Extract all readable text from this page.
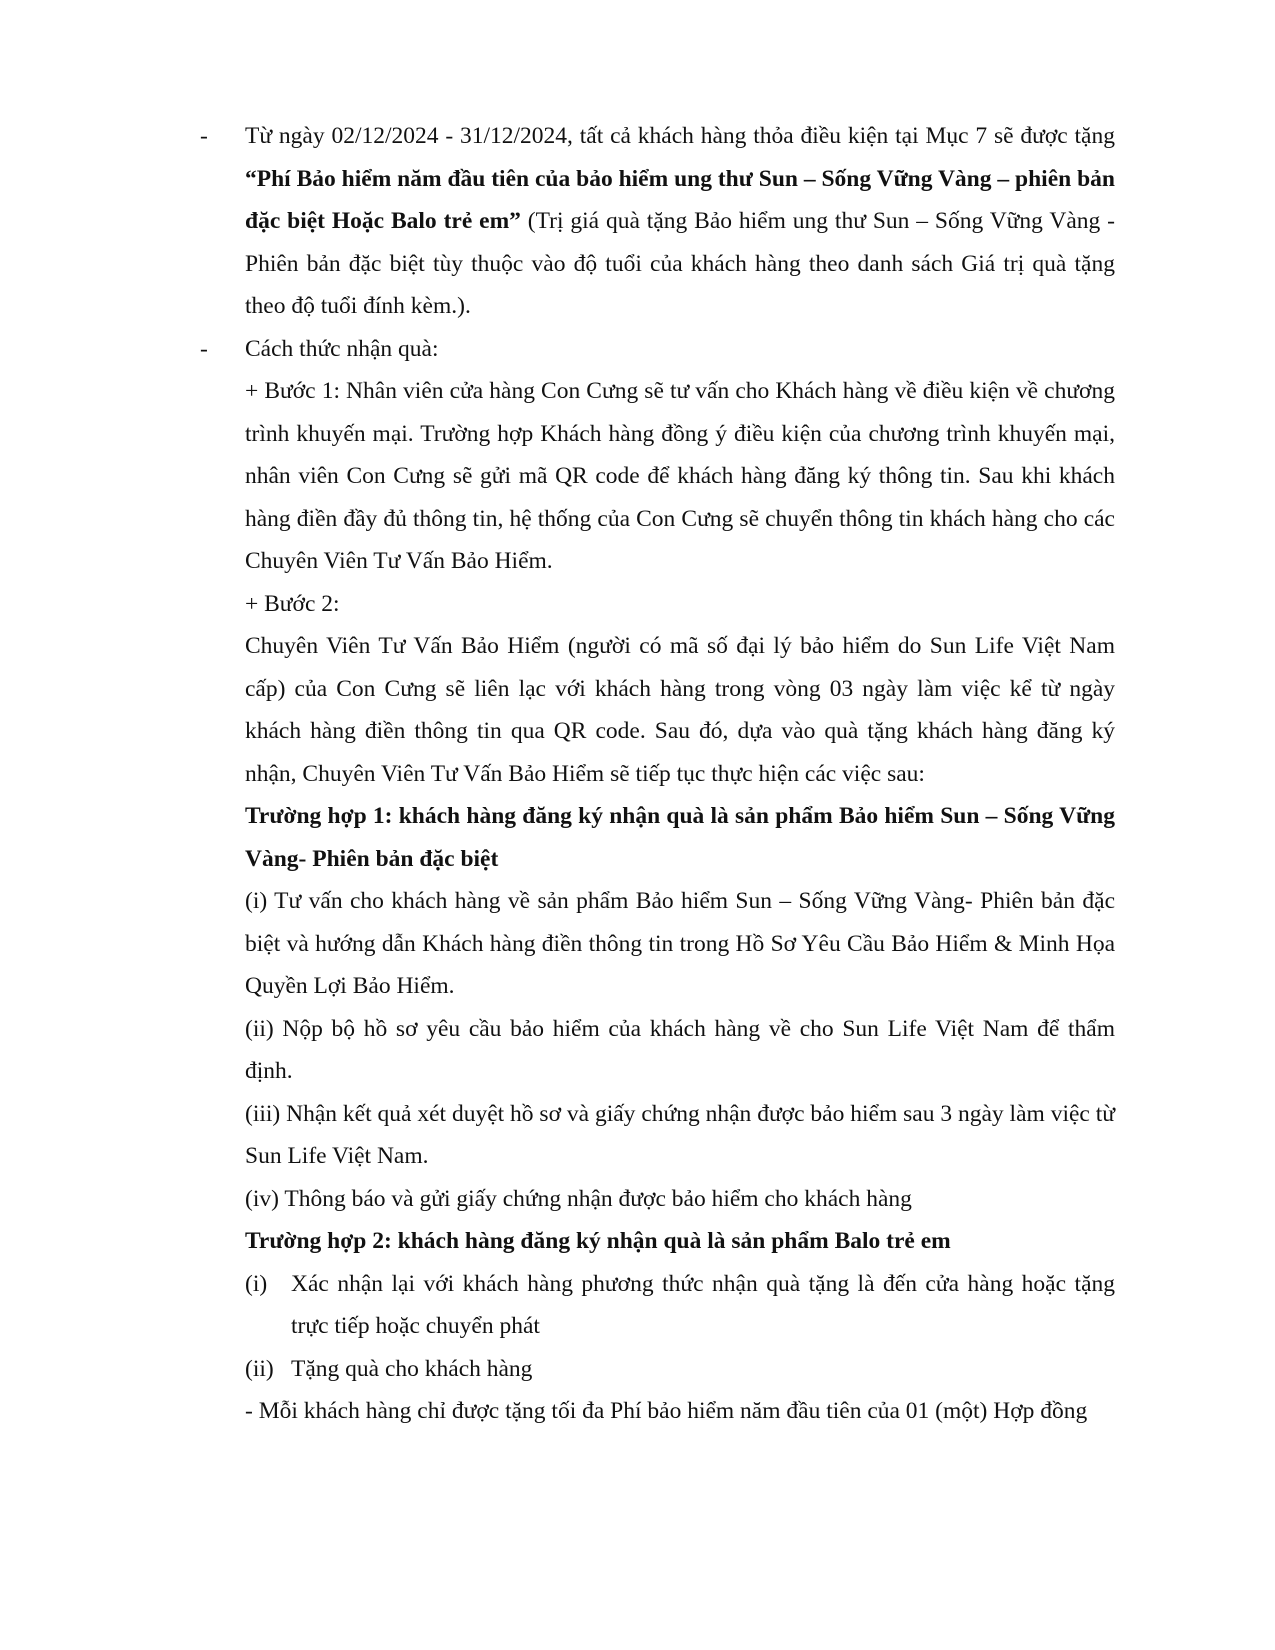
- Từ ngày 02/12/2024 - 31/12/2024, tất cả khách hàng thỏa điều kiện tại Mục 7 sẽ được tặng “Phí Bảo hiểm năm đầu tiên của bảo hiểm ung thư Sun – Sống Vững Vàng – phiên bản đặc biệt Hoặc Balo trẻ em” (Trị giá quà tặng Bảo hiểm ung thư Sun – Sống Vững Vàng - Phiên bản đặc biệt tùy thuộc vào độ tuổi của khách hàng theo danh sách Giá trị quà tặng theo độ tuổi đính kèm.).
- Cách thức nhận quà:
+ Bước 1: Nhân viên cửa hàng Con Cưng sẽ tư vấn cho Khách hàng về điều kiện về chương trình khuyến mại. Trường hợp Khách hàng đồng ý điều kiện của chương trình khuyến mại, nhân viên Con Cưng sẽ gửi mã QR code để khách hàng đăng ký thông tin. Sau khi khách hàng điền đầy đủ thông tin, hệ thống của Con Cưng sẽ chuyển thông tin khách hàng cho các Chuyên Viên Tư Vấn Bảo Hiểm.
+ Bước 2:
Chuyên Viên Tư Vấn Bảo Hiểm (người có mã số đại lý bảo hiểm do Sun Life Việt Nam cấp) của Con Cưng sẽ liên lạc với khách hàng trong vòng 03 ngày làm việc kể từ ngày khách hàng điền thông tin qua QR code. Sau đó, dựa vào quà tặng khách hàng đăng ký nhận, Chuyên Viên Tư Vấn Bảo Hiểm sẽ tiếp tục thực hiện các việc sau:
Trường hợp 1: khách hàng đăng ký nhận quà là sản phẩm Bảo hiểm Sun – Sống Vững Vàng- Phiên bản đặc biệt
(i) Tư vấn cho khách hàng về sản phẩm Bảo hiểm Sun – Sống Vững Vàng- Phiên bản đặc biệt và hướng dẫn Khách hàng điền thông tin trong Hồ Sơ Yêu Cầu Bảo Hiểm & Minh Họa Quyền Lợi Bảo Hiểm.
(ii) Nộp bộ hồ sơ yêu cầu bảo hiểm của khách hàng về cho Sun Life Việt Nam để thẩm định.
(iii) Nhận kết quả xét duyệt hồ sơ và giấy chứng nhận được bảo hiểm sau 3 ngày làm việc từ Sun Life Việt Nam.
(iv) Thông báo và gửi giấy chứng nhận được bảo hiểm cho khách hàng
Trường hợp 2: khách hàng đăng ký nhận quà là sản phẩm Balo trẻ em
(i) Xác nhận lại với khách hàng phương thức nhận quà tặng là đến cửa hàng hoặc tặng trực tiếp hoặc chuyển phát
(ii) Tặng quà cho khách hàng
- Mỗi khách hàng chỉ được tặng tối đa Phí bảo hiểm năm đầu tiên của 01 (một) Hợp đồng
